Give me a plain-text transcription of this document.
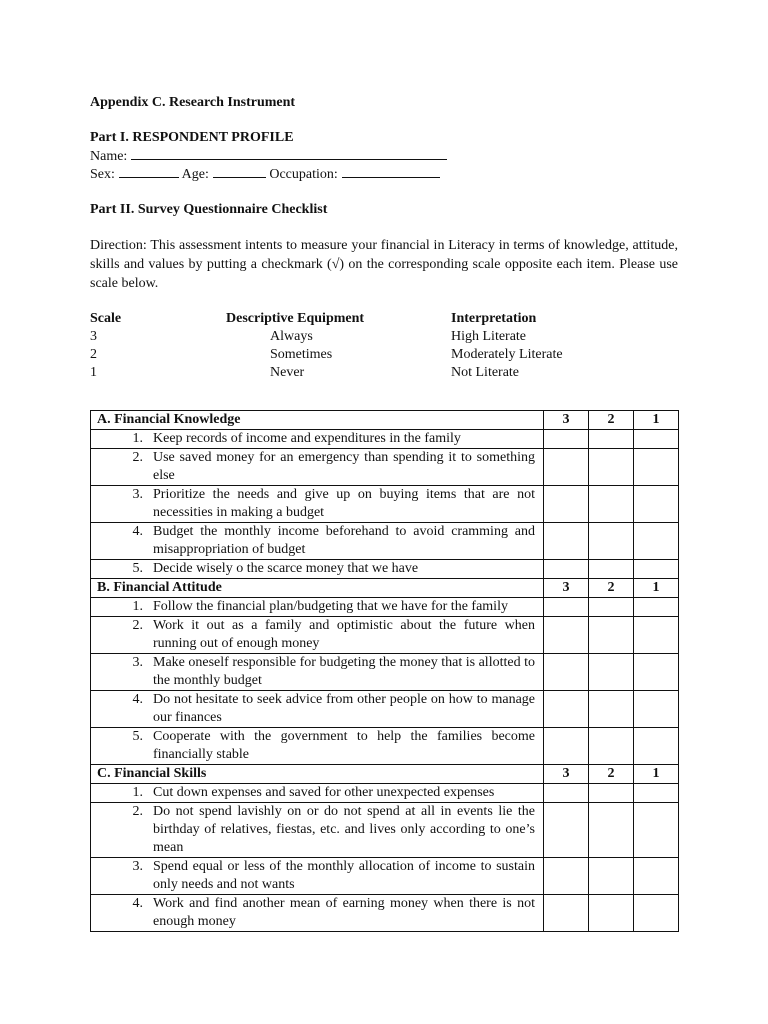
Appendix C. Research Instrument
Part I. RESPONDENT PROFILE
Name:
Sex:	Age:	Occupation:
Part II. Survey Questionnaire Checklist
Direction: This assessment intents to measure your financial in Literacy in terms of knowledge, attitude, skills and values by putting a checkmark (√) on the corresponding scale opposite each item. Please use scale below.
Scale	Descriptive Equipment	Interpretation
3	Always	High Literate
2	Sometimes	Moderately Literate
1	Never	Not Literate
A. Financial Knowledge	3	2	1

1. Keep records of income and expenditures in the family			

2. Use saved money for an emergency than spending it to something else			

3. Prioritize the needs and give up on buying items that are not necessities in making a budget			

4. Budget the monthly income beforehand to avoid cramming and misappropriation of budget			

5. Decide wisely o the scarce money that we have			

B. Financial Attitude	3	2	1

1. Follow the financial plan/budgeting that we have for the family			

2. Work it out as a family and optimistic about the future when running out of enough money			

3. Make oneself responsible for budgeting the money that is allotted to the monthly budget			

4. Do not hesitate to seek advice from other people on how to manage our finances			

5. Cooperate with the government to help the families become financially stable			

C. Financial Skills	3	2	1

1. Cut down expenses and saved for other unexpected expenses			

2. Do not spend lavishly on or do not spend at all in events lie the birthday of relatives, fiestas, etc. and lives only according to one’s mean			

3. Spend equal or less of the monthly allocation of income to sustain only needs and not wants			

4. Work and find another mean of earning money when there is not enough money			
